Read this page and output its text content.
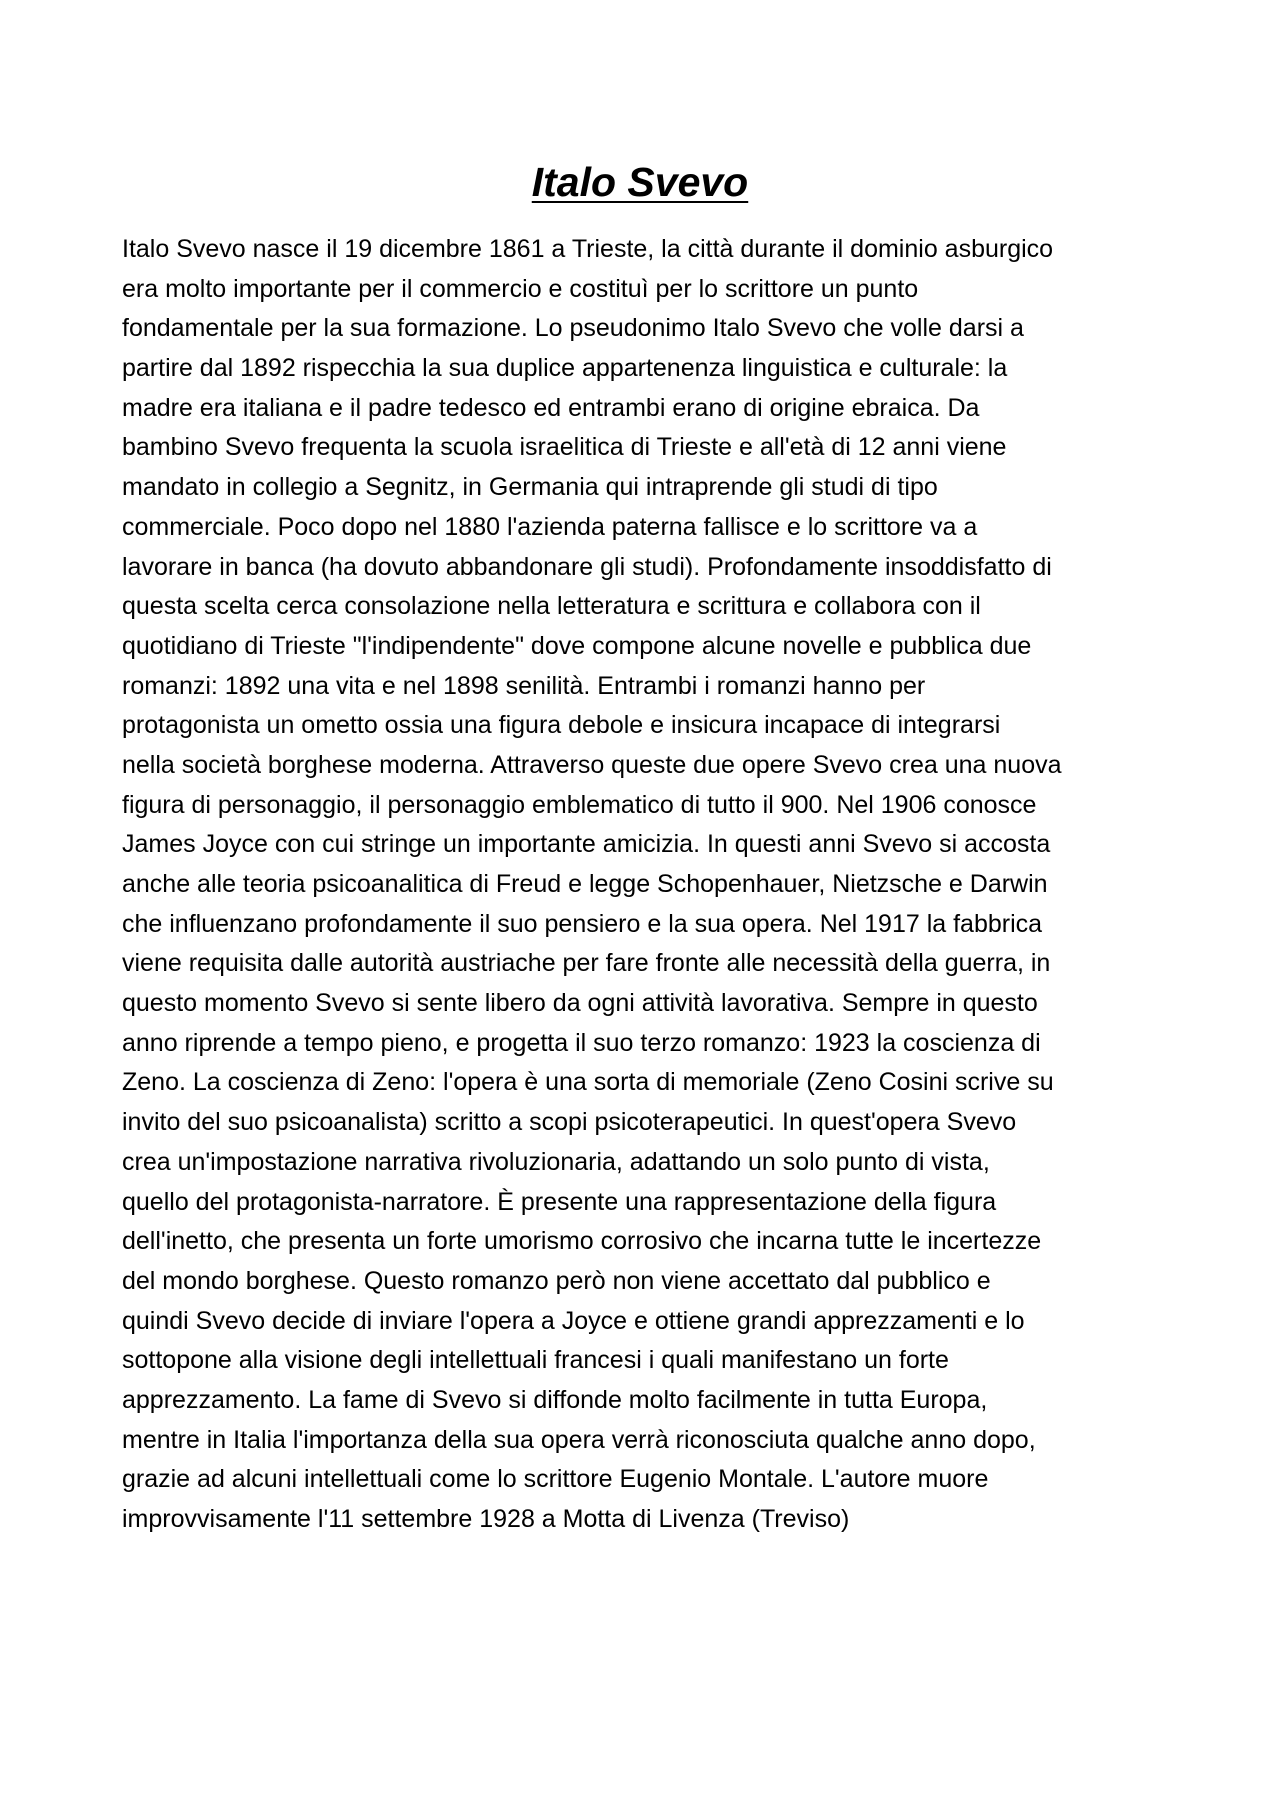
Italo Svevo
Italo Svevo nasce il 19 dicembre 1861 a Trieste, la città durante il dominio asburgico
era molto importante per il commercio e costituì per lo scrittore un punto
fondamentale per la sua formazione. Lo pseudonimo Italo Svevo che volle darsi a
partire dal 1892 rispecchia la sua duplice appartenenza linguistica e culturale: la
madre era italiana e il padre tedesco ed entrambi erano di origine ebraica. Da
bambino Svevo frequenta la scuola israelitica di Trieste e all'età di 12 anni viene
mandato in collegio a Segnitz, in Germania qui intraprende gli studi di tipo
commerciale. Poco dopo nel 1880 l'azienda paterna fallisce e lo scrittore va a
lavorare in banca (ha dovuto abbandonare gli studi). Profondamente insoddisfatto di
questa scelta cerca consolazione nella letteratura e scrittura e collabora con il
quotidiano di Trieste "l'indipendente" dove compone alcune novelle e pubblica due
romanzi: 1892 una vita e nel 1898 senilità. Entrambi i romanzi hanno per
protagonista un ometto ossia una figura debole e insicura incapace di integrarsi
nella società borghese moderna. Attraverso queste due opere Svevo crea una nuova
figura di personaggio, il personaggio emblematico di tutto il 900. Nel 1906 conosce
James Joyce con cui stringe un importante amicizia. In questi anni Svevo si accosta
anche alle teoria psicoanalitica di Freud e legge Schopenhauer, Nietzsche e Darwin
che influenzano profondamente il suo pensiero e la sua opera. Nel 1917 la fabbrica
viene requisita dalle autorità austriache per fare fronte alle necessità della guerra, in
questo momento Svevo si sente libero da ogni attività lavorativa. Sempre in questo
anno riprende a tempo pieno, e progetta il suo terzo romanzo: 1923 la coscienza di
Zeno. La coscienza di Zeno: l'opera è una sorta di memoriale (Zeno Cosini scrive su
invito del suo psicoanalista) scritto a scopi psicoterapeutici. In quest'opera Svevo
crea un'impostazione narrativa rivoluzionaria, adattando un solo punto di vista,
quello del protagonista-narratore. È presente una rappresentazione della figura
dell'inetto, che presenta un forte umorismo corrosivo che incarna tutte le incertezze
del mondo borghese. Questo romanzo però non viene accettato dal pubblico e
quindi Svevo decide di inviare l'opera a Joyce e ottiene grandi apprezzamenti e lo
sottopone alla visione degli intellettuali francesi i quali manifestano un forte
apprezzamento. La fame di Svevo si diffonde molto facilmente in tutta Europa,
mentre in Italia l'importanza della sua opera verrà riconosciuta qualche anno dopo,
grazie ad alcuni intellettuali come lo scrittore Eugenio Montale. L'autore muore
improvvisamente l'11 settembre 1928 a Motta di Livenza (Treviso)
